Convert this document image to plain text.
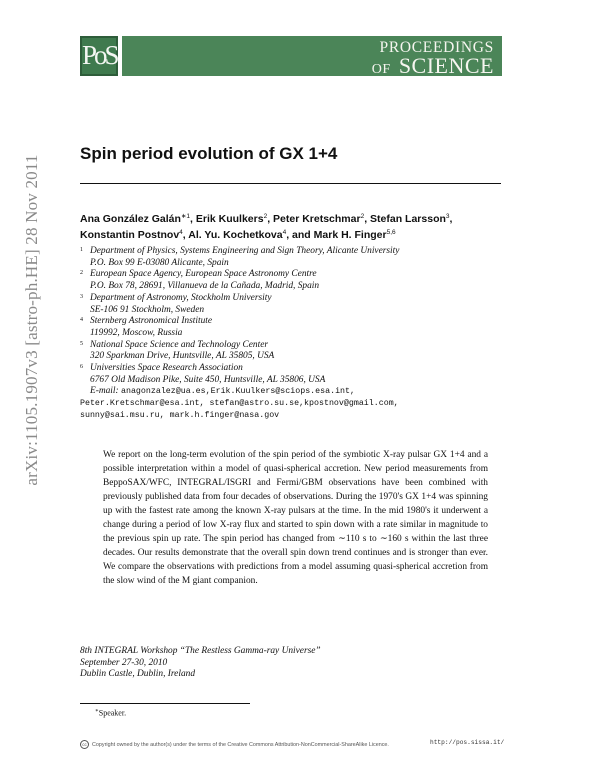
arXiv:1105.1907v3 [astro-ph.HE] 28 Nov 2011
PoS	PROCEEDINGS
OF SCIENCE
Spin period evolution of GX 1+4
Ana González Galán$^{∗1}$, Erik Kuulkers$^2$, Peter Kretschmar$^2$, Stefan Larsson$^3$,
Konstantin Postnov$^4$, Al. Yu. Kochetkova$^4$, and Mark H. Finger$^{5,6}$
1 Department of Physics, Systems Engineering and Sign Theory, Alicante University
P.O. Box 99 E-03080 Alicante, Spain
2 European Space Agency, European Space Astronomy Centre
P.O. Box 78, 28691, Villanueva de la Cañada, Madrid, Spain
3 Department of Astronomy, Stockholm University
SE-106 91 Stockholm, Sweden
4 Sternberg Astronomical Institute
119992, Moscow, Russia
5 National Space Science and Technology Center
320 Sparkman Drive, Huntsville, AL 35805, USA
6 Universities Space Research Association
6767 Old Madison Pike, Suite 450, Huntsville, AL 35806, USA
E-mail: anagonzalez@ua.es,Erik.Kuulkers@sciops.esa.int,
Peter.Kretschmar@esa.int, stefan@astro.su.se,kpostnov@gmail.com,
sunny@sai.msu.ru, mark.h.finger@nasa.gov
We report on the long-term evolution of the spin period of the symbiotic X-ray pulsar GX 1+4 and a possible interpretation within a model of quasi-spherical accretion. New period measurements from BeppoSAX/WFC, INTEGRAL/ISGRI and Fermi/GBM observations have been combined with previously published data from four decades of observations. During the 1970's GX 1+4 was spinning up with the fastest rate among the known X-ray pulsars at the time. In the mid 1980's it underwent a change during a period of low X-ray flux and started to spin down with a rate similar in magnitude to the previous spin up rate. The spin period has changed from ∼110 s to ∼160 s within the last three decades. Our results demonstrate that the overall spin down trend continues and is stronger than ever. We compare the observations with predictions from a model assuming quasi-spherical accretion from the slow wind of the M giant companion.
8th INTEGRAL Workshop “The Restless Gamma-ray Universe”
September 27-30, 2010
Dublin Castle, Dublin, Ireland
∗Speaker.
cc Copyright owned by the author(s) under the terms of the Creative Commons Attribution-NonCommercial-ShareAlike Licence.	http://pos.sissa.it/
